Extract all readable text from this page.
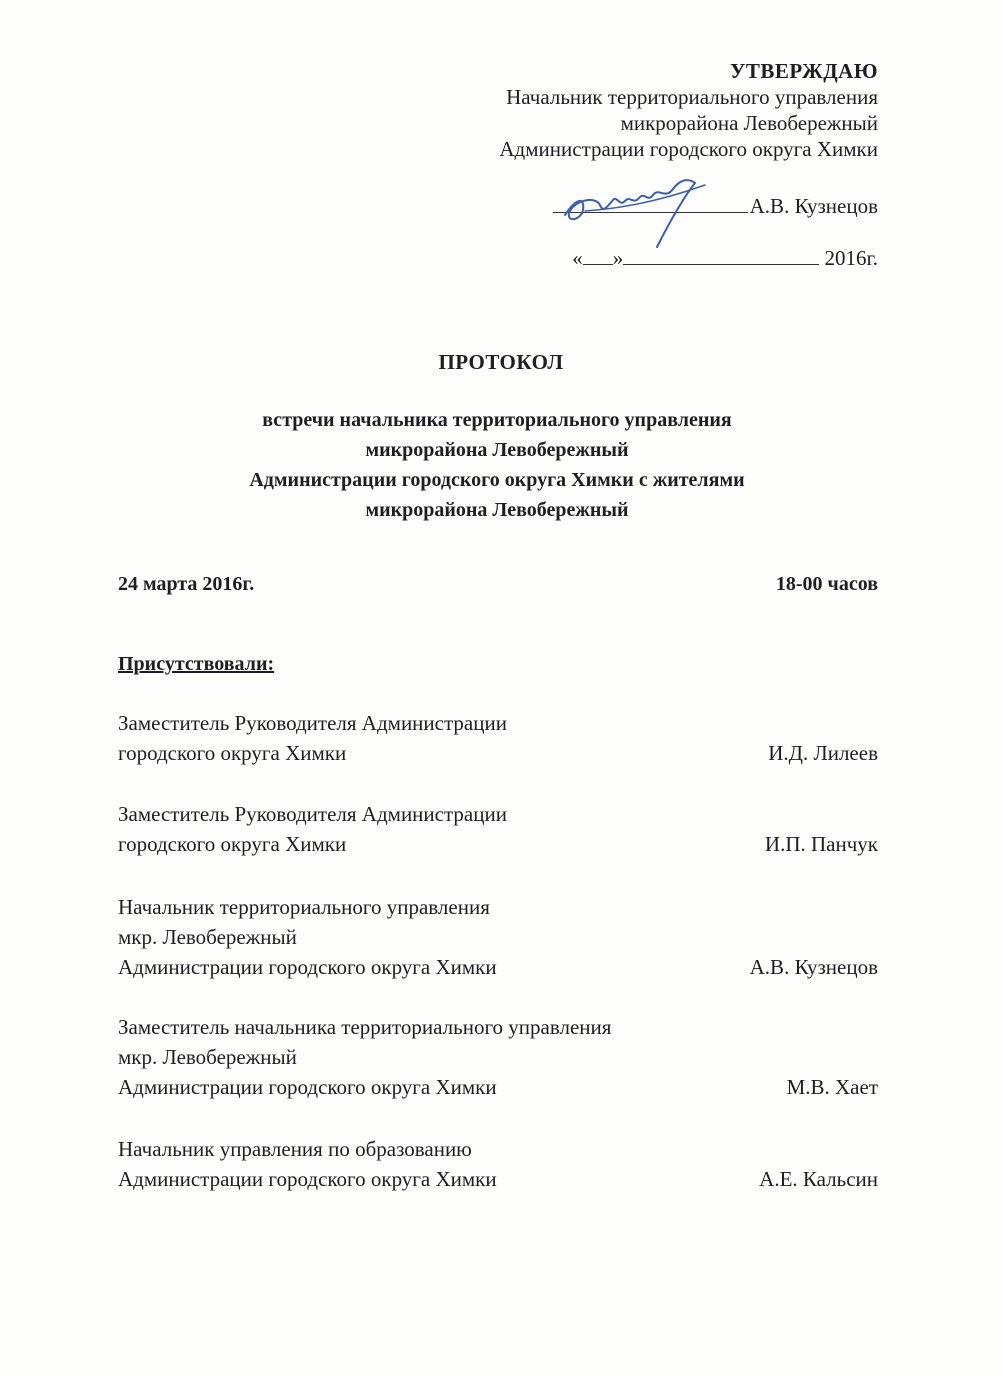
УТВЕРЖДАЮ
Начальник территориального управления
микрорайона Левобережный
Администрации городского округа Химки
А.В. Кузнецов
« »	2016г.
ПРОТОКОЛ
встречи начальника территориального управления
микрорайона Левобережный
Администрации городского округа Химки с жителями
микрорайона Левобережный
24 марта 2016г.	18-00 часов
Присутствовали:
Заместитель Руководителя Администрации
городского округа Химки	И.Д. Лилеев
Заместитель Руководителя Администрации
городского округа Химки	И.П. Панчук
Начальник территориального управления
мкр. Левобережный
Администрации городского округа Химки	А.В. Кузнецов
Заместитель начальника территориального управления
мкр. Левобережный
Администрации городского округа Химки	М.В. Хает
Начальник управления по образованию
Администрации городского округа Химки	А.Е. Кальсин
